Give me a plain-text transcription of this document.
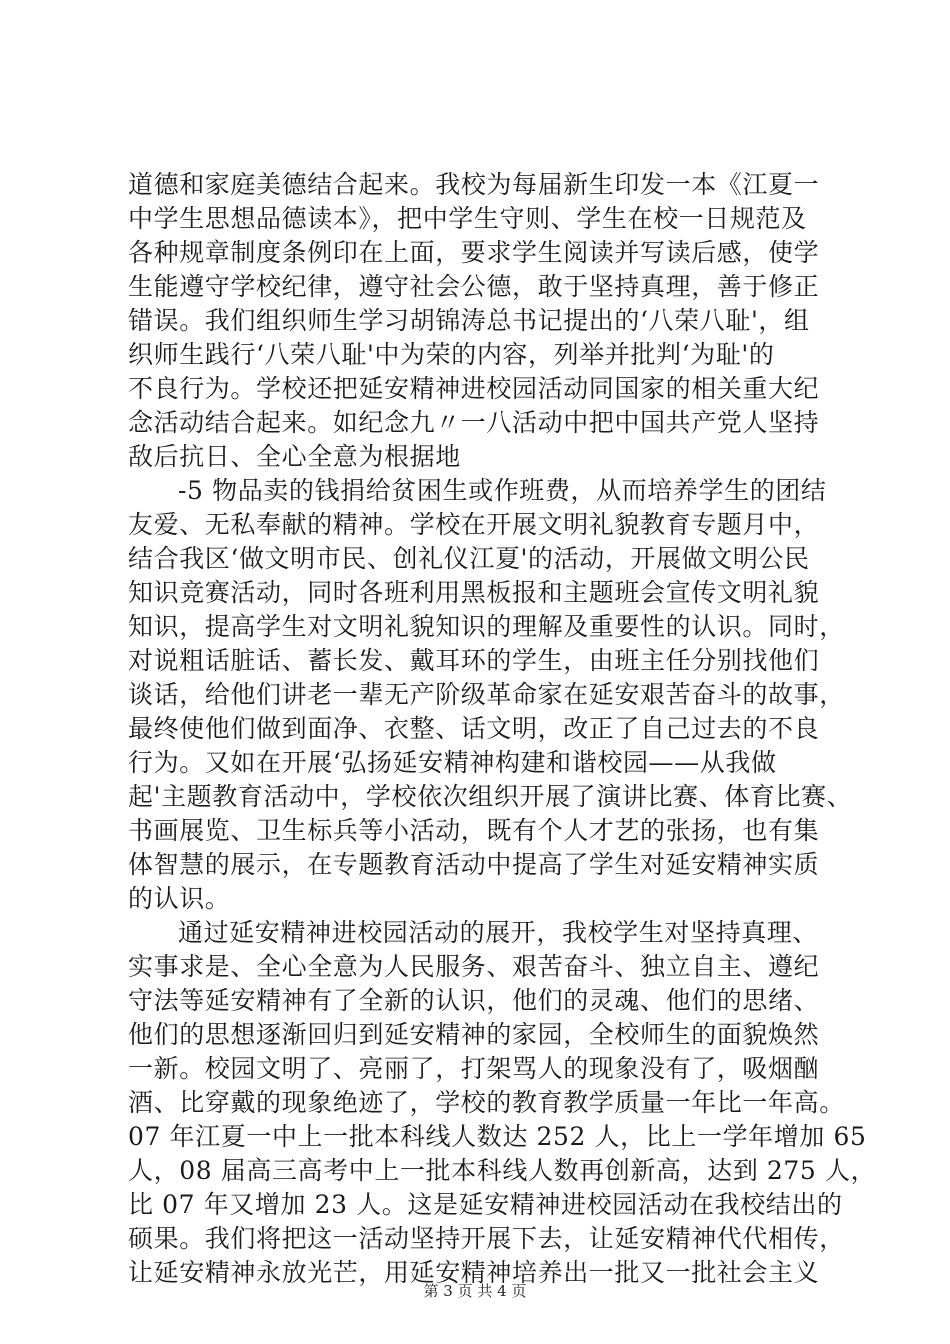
道德和家庭美德结合起来。我校为每届新生印发一本《江夏一
中学生思想品德读本》，把中学生守则、学生在校一日规范及
各种规章制度条例印在上面，要求学生阅读并写读后感，使学
生能遵守学校纪律，遵守社会公德，敢于坚持真理，善于修正
错误。我们组织师生学习胡锦涛总书记提出的‘八荣八耻'，组
织师生践行‘八荣八耻'中为荣的内容，列举并批判‘为耻'的
不良行为。学校还把延安精神进校园活动同国家的相关重大纪
念活动结合起来。如纪念九〃一八活动中把中国共产党人坚持
敌后抗日、全心全意为根据地
-5 物品卖的钱捐给贫困生或作班费，从而培养学生的团结
友爱、无私奉献的精神。学校在开展文明礼貌教育专题月中，
结合我区‘做文明市民、创礼仪江夏'的活动，开展做文明公民
知识竞赛活动，同时各班利用黑板报和主题班会宣传文明礼貌
知识，提高学生对文明礼貌知识的理解及重要性的认识。同时，
对说粗话脏话、蓄长发、戴耳环的学生，由班主任分别找他们
谈话，给他们讲老一辈无产阶级革命家在延安艰苦奋斗的故事，
最终使他们做到面净、衣整、话文明，改正了自己过去的不良
行为。又如在开展‘弘扬延安精神构建和谐校园——从我做
起'主题教育活动中，学校依次组织开展了演讲比赛、体育比赛、
书画展览、卫生标兵等小活动，既有个人才艺的张扬，也有集
体智慧的展示，在专题教育活动中提高了学生对延安精神实质
的认识。
通过延安精神进校园活动的展开，我校学生对坚持真理、
实事求是、全心全意为人民服务、艰苦奋斗、独立自主、遵纪
守法等延安精神有了全新的认识，他们的灵魂、他们的思绪、
他们的思想逐渐回归到延安精神的家园，全校师生的面貌焕然
一新。校园文明了、亮丽了，打架骂人的现象没有了，吸烟酗
酒、比穿戴的现象绝迹了，学校的教育教学质量一年比一年高。
07 年江夏一中上一批本科线人数达 252 人，比上一学年增加 65
人，08 届高三高考中上一批本科线人数再创新高，达到 275 人，
比 07 年又增加 23 人。这是延安精神进校园活动在我校结出的
硕果。我们将把这一活动坚持开展下去，让延安精神代代相传，
让延安精神永放光芒，用延安精神培养出一批又一批社会主义
第 3 页 共 4 页
